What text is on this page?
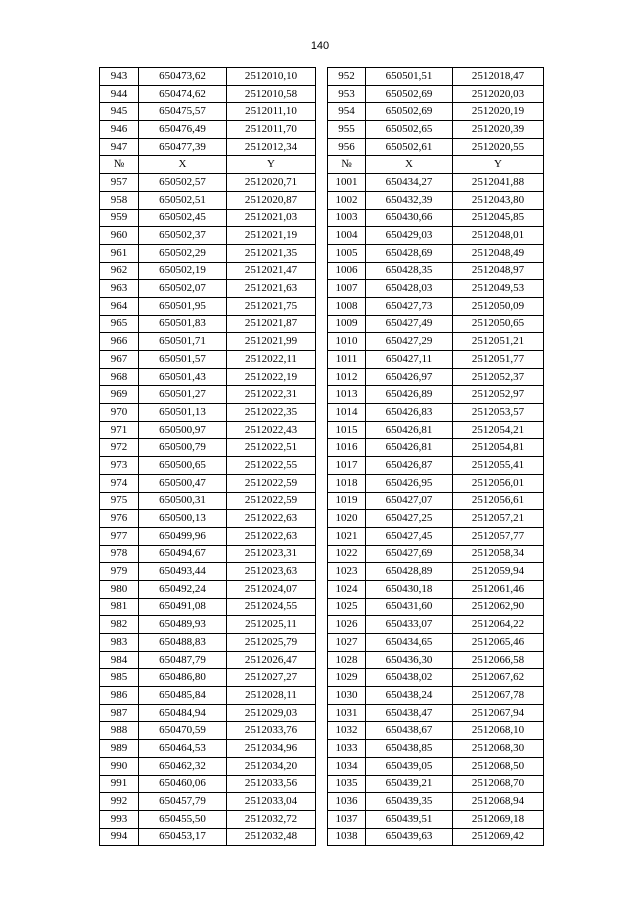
140
943	650473,62	2512010,10		952	650501,51	2512018,47
944	650474,62	2512010,58		953	650502,69	2512020,03
945	650475,57	2512011,10		954	650502,69	2512020,19
946	650476,49	2512011,70		955	650502,65	2512020,39
947	650477,39	2512012,34		956	650502,61	2512020,55
№	X	Y		№	X	Y
957	650502,57	2512020,71		1001	650434,27	2512041,88
958	650502,51	2512020,87		1002	650432,39	2512043,80
959	650502,45	2512021,03		1003	650430,66	2512045,85
960	650502,37	2512021,19		1004	650429,03	2512048,01
961	650502,29	2512021,35		1005	650428,69	2512048,49
962	650502,19	2512021,47		1006	650428,35	2512048,97
963	650502,07	2512021,63		1007	650428,03	2512049,53
964	650501,95	2512021,75		1008	650427,73	2512050,09
965	650501,83	2512021,87		1009	650427,49	2512050,65
966	650501,71	2512021,99		1010	650427,29	2512051,21
967	650501,57	2512022,11		1011	650427,11	2512051,77
968	650501,43	2512022,19		1012	650426,97	2512052,37
969	650501,27	2512022,31		1013	650426,89	2512052,97
970	650501,13	2512022,35		1014	650426,83	2512053,57
971	650500,97	2512022,43		1015	650426,81	2512054,21
972	650500,79	2512022,51		1016	650426,81	2512054,81
973	650500,65	2512022,55		1017	650426,87	2512055,41
974	650500,47	2512022,59		1018	650426,95	2512056,01
975	650500,31	2512022,59		1019	650427,07	2512056,61
976	650500,13	2512022,63		1020	650427,25	2512057,21
977	650499,96	2512022,63		1021	650427,45	2512057,77
978	650494,67	2512023,31		1022	650427,69	2512058,34
979	650493,44	2512023,63		1023	650428,89	2512059,94
980	650492,24	2512024,07		1024	650430,18	2512061,46
981	650491,08	2512024,55		1025	650431,60	2512062,90
982	650489,93	2512025,11		1026	650433,07	2512064,22
983	650488,83	2512025,79		1027	650434,65	2512065,46
984	650487,79	2512026,47		1028	650436,30	2512066,58
985	650486,80	2512027,27		1029	650438,02	2512067,62
986	650485,84	2512028,11		1030	650438,24	2512067,78
987	650484,94	2512029,03		1031	650438,47	2512067,94
988	650470,59	2512033,76		1032	650438,67	2512068,10
989	650464,53	2512034,96		1033	650438,85	2512068,30
990	650462,32	2512034,20		1034	650439,05	2512068,50
991	650460,06	2512033,56		1035	650439,21	2512068,70
992	650457,79	2512033,04		1036	650439,35	2512068,94
993	650455,50	2512032,72		1037	650439,51	2512069,18
994	650453,17	2512032,48		1038	650439,63	2512069,42
